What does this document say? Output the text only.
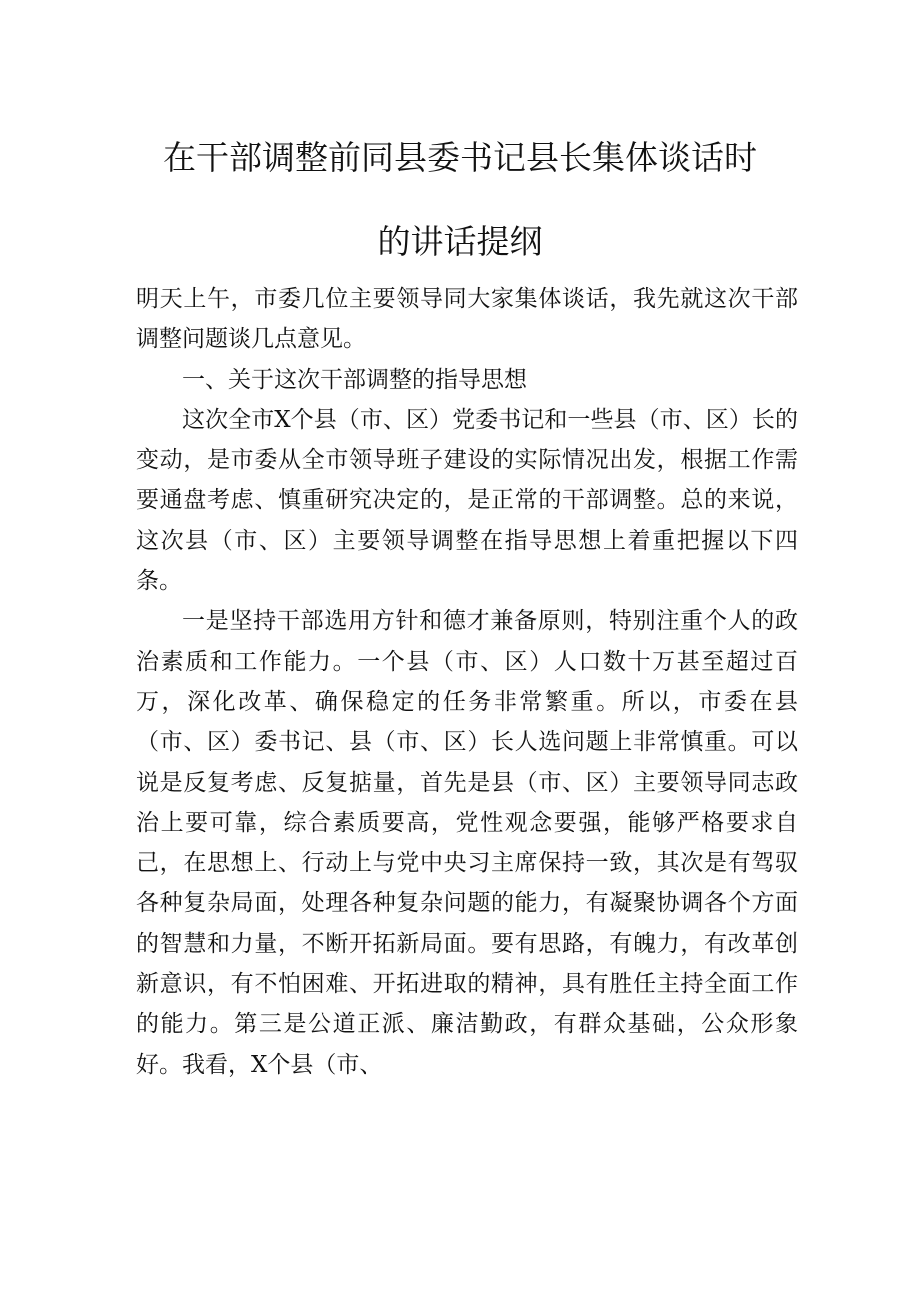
在干部调整前同县委书记县长集体谈话时
的讲话提纲

明天上午，市委几位主要领导同大家集体谈话，我先就这次干部调整问题谈几点意见。

一、关于这次干部调整的指导思想

这次全市X个县（市、区）党委书记和一些县（市、区）长的变动，是市委从全市领导班子建设的实际情况出发，根据工作需要通盘考虑、慎重研究决定的，是正常的干部调整。总的来说，这次县（市、区）主要领导调整在指导思想上着重把握以下四条。

一是坚持干部选用方针和德才兼备原则，特别注重个人的政治素质和工作能力。一个县（市、区）人口数十万甚至超过百万，深化改革、确保稳定的任务非常繁重。所以，市委在县（市、区）委书记、县（市、区）长人选问题上非常慎重。可以说是反复考虑、反复掂量，首先是县（市、区）主要领导同志政治上要可靠，综合素质要高，党性观念要强，能够严格要求自己，在思想上、行动上与党中央习主席保持一致，其次是有驾驭各种复杂局面，处理各种复杂问题的能力，有凝聚协调各个方面的智慧和力量，不断开拓新局面。要有思路，有魄力，有改革创新意识，有不怕困难、开拓进取的精神，具有胜任主持全面工作的能力。第三是公道正派、廉洁勤政，有群众基础，公众形象好。我看，X个县（市、
